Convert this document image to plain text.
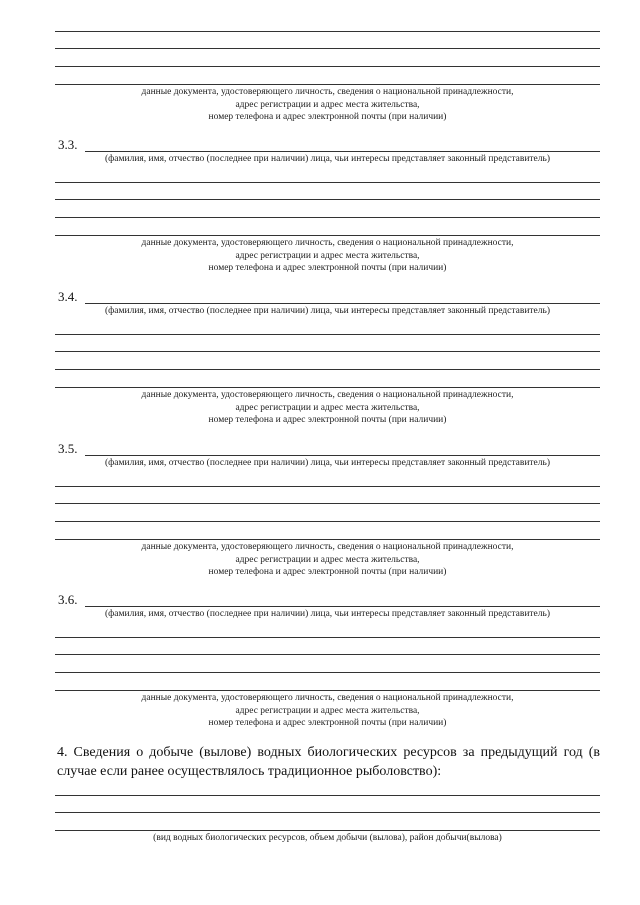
данные документа, удостоверяющего личность, сведения о национальной принадлежности,
адрес регистрации и адрес места жительства,
номер телефона и адрес электронной почты (при наличии)
3.3.
(фамилия, имя, отчество (последнее при наличии) лица, чьи интересы представляет законный представитель)
данные документа, удостоверяющего личность, сведения о национальной принадлежности,
адрес регистрации и адрес места жительства,
номер телефона и адрес электронной почты (при наличии)
3.4.
(фамилия, имя, отчество (последнее при наличии) лица, чьи интересы представляет законный представитель)
данные документа, удостоверяющего личность, сведения о национальной принадлежности,
адрес регистрации и адрес места жительства,
номер телефона и адрес электронной почты (при наличии)
3.5.
(фамилия, имя, отчество (последнее при наличии) лица, чьи интересы представляет законный представитель)
данные документа, удостоверяющего личность, сведения о национальной принадлежности,
адрес регистрации и адрес места жительства,
номер телефона и адрес электронной почты (при наличии)
3.6.
(фамилия, имя, отчество (последнее при наличии) лица, чьи интересы представляет законный представитель)
данные документа, удостоверяющего личность, сведения о национальной принадлежности,
адрес регистрации и адрес места жительства,
номер телефона и адрес электронной почты (при наличии)
4. Сведения о добыче (вылове) водных биологических ресурсов за предыдущий год (в случае если ранее осуществлялось традиционное рыболовство):
(вид водных биологических ресурсов, объем добычи (вылова), район добычи(вылова)
